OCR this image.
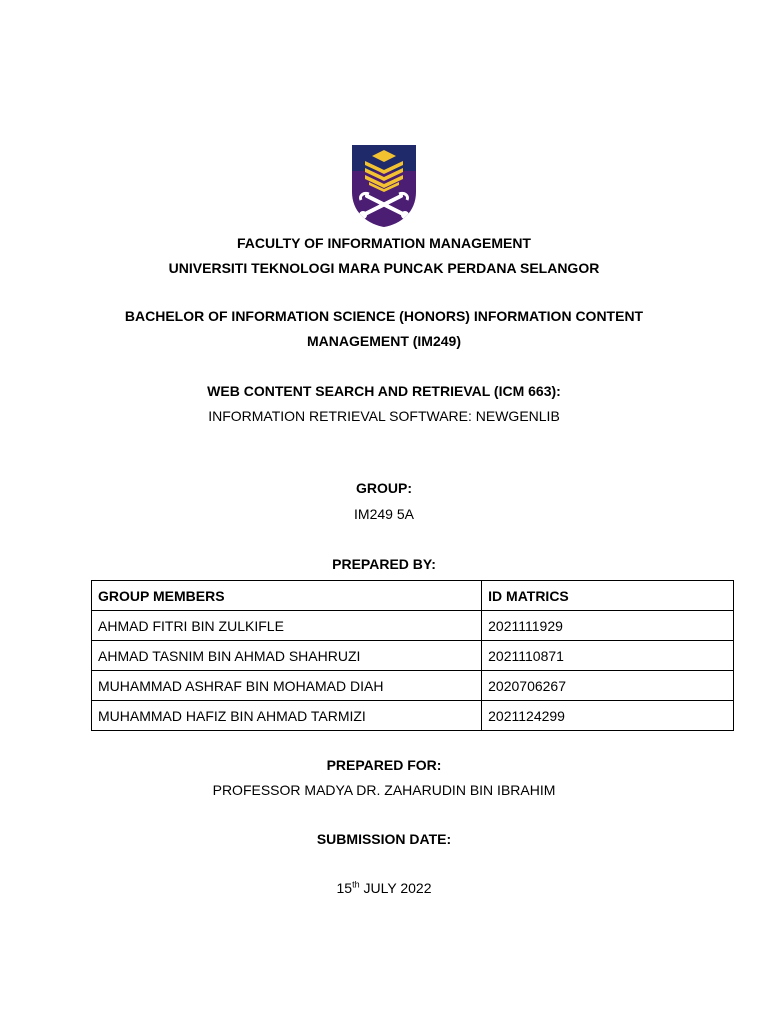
FACULTY OF INFORMATION MANAGEMENT
UNIVERSITI TEKNOLOGI MARA PUNCAK PERDANA SELANGOR
BACHELOR OF INFORMATION SCIENCE (HONORS) INFORMATION CONTENT
MANAGEMENT (IM249)
WEB CONTENT SEARCH AND RETRIEVAL (ICM 663):
INFORMATION RETRIEVAL SOFTWARE: NEWGENLIB
GROUP:
IM249 5A
PREPARED BY:
GROUP MEMBERS	ID MATRICS
AHMAD FITRI BIN ZULKIFLE	2021111929
AHMAD TASNIM BIN AHMAD SHAHRUZI	2021110871
MUHAMMAD ASHRAF BIN MOHAMAD DIAH	2020706267
MUHAMMAD HAFIZ BIN AHMAD TARMIZI	2021124299
PREPARED FOR:
PROFESSOR MADYA DR. ZAHARUDIN BIN IBRAHIM
SUBMISSION DATE:
15th JULY 2022
